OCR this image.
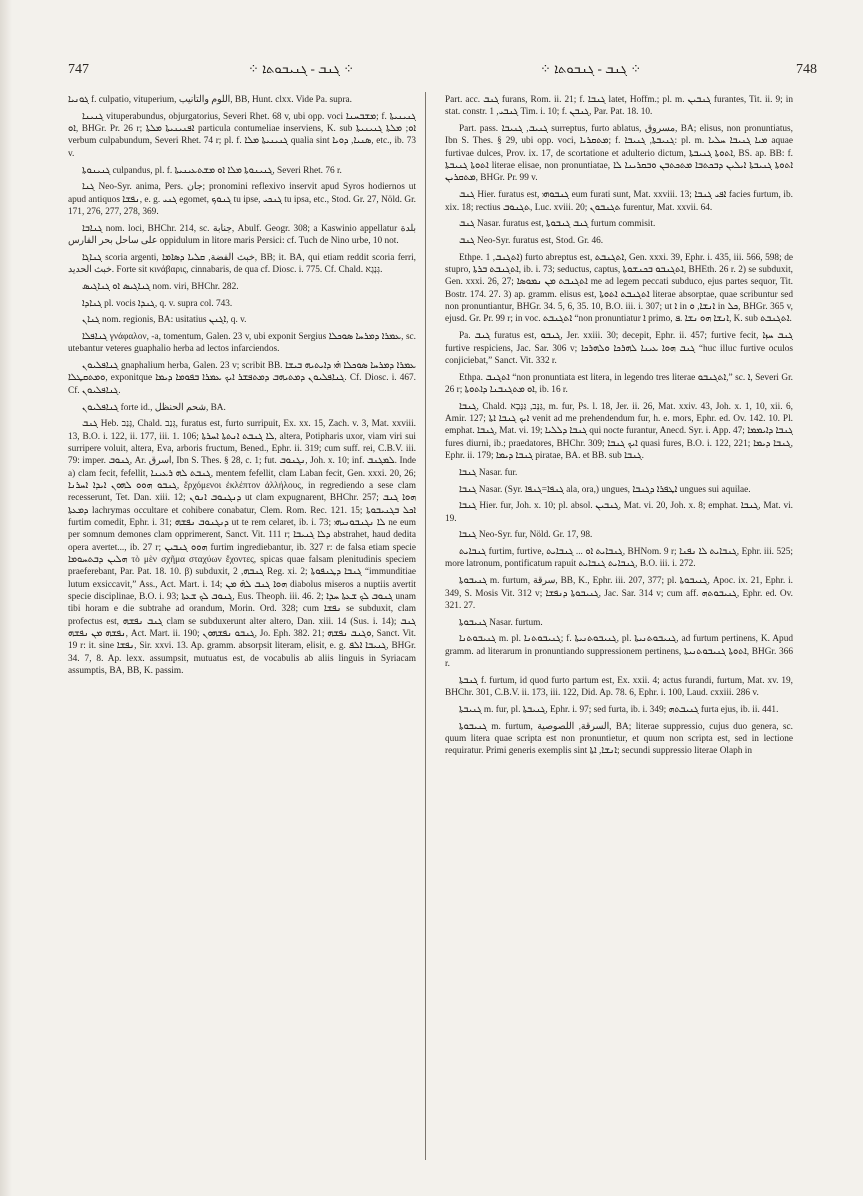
747	⁘ ܓܢܒ - ܓܢܝܒܘܬܐ ⁘	⁘ ܓܢܒ - ܓܢܒܘܬܐ ⁘	748

ܓܘܢܝܐ f. culpatio, vituperium, اللوم والتأنيب, BB, Hunt. clxx. Vide Pa. supra.

ܓܢܝܢܐ vituperabundus, objurgatorius, Severi Rhet. 68 v, ubi opp. voci ܡܫܒܚܢܐ; f. ܓܢܝܢܝܬܐ ܐܘ, BHGr. Pr. 26 r; ܐܦܢܝܢܝܬܐ ܡܠܬܐ particula contumeliae inserviens, K. sub ܐܘ; ܡܠܬܐ ܓܢܝܢܝܬܐ verbum culpabundum, Severi Rhet. 74 r; pl. f. ܓܢܝܢܝܬܐ ܡܠܐ qualia sint ܣܢܝܐ, ܕܘܝܐ, etc., ib. 73 v.

ܓܢܝܢܘܬܐ culpandus, pl. f. ܓܢܝܢܘܬܐ ܡܠܐ ܐܘ ܡܫܬܥܝܢܝܬܐ, Severi Rhet. 76 r.

ܓܢܐ Neo-Syr. anima, Pers. جان; pronomini reflexivo inservit apud Syros hodiernos ut apud antiquos ܢܦܫܐ, e. g. ܓܢܝ egomet, ܓܢܘܟ tu ipse, ܓܢܟܝ tu ipsa, etc., Stod. Gr. 27, Nöld. Gr. 171, 276, 277, 278, 369.

ܓܢܐܒܐ nom. loci, BHChr. 214, sc. جنابة, Abulf. Geogr. 308; a Kaswinio appellatur بلدة على ساحل بحر الفارس oppidulum in litore maris Persici: cf. Tuch de Nino urbe, 10 not.

ܓܢܐܓܐ scoria argenti, خبث الفضة, ܩܠܝܐ ܕܣܐܡܐ, BB; it. BA, qui etiam reddit scoria ferri, خبث الحديد. Forte sit κινάβαρις, cinnabaris, de qua cf. Diosc. i. 775. Cf. Chald. גְּנָגָא.

ܓܢܐܓܝܣ ܐܘ ܓܢܐܓܝܣ nom. viri, BHChr. 282.

ܓܢܐܕܐ pl. vocis ܓܢܕܐ, q. v. supra col. 743.

ܓܢܐܢ nom. regionis, BA: usitatius ܐܓܢܢ, q. v.

ܓܢܐܦܠܐ γνάφαλον, -a, tomentum, Galen. 23 v, ubi exponit Sergius ܥܡܪܐ ܕܡܪܚܐ ܣܘܟܠܐ, sc. utebantur veteres guaphalio herba ad lectos infarciendos.

ܓܢܐܦܠܝܘܢ gnaphalium herba, Galen. 23 v; scribit BB. ܥܡܪܐ ܕܡܪܚܐ ܣܘܟܠܐ ܗ̇ܝ ܕܐܝܬܝܗ ܒܝܫܐ ܘܡܬܩܛܠܐ, exponitque ܓܢܐܦܠܝܘܢ ܕܡܬܝܗܒ ܕܡܬܦܫܪ ܐܝܟ ܥܡܪܐ ܒܦܘܡܐ ܕܝܡܐ. Cf. Diosc. i. 467. Cf. ܓܢܐܦܠܝܘܢ.

ܓܢܐܦܠܝܘܢ forte id., شحم الحنظل, BA.

ܓܢܒ Heb. גָּנַב, Chald. גְּנַב, furatus est, furto surripuit, Ex. xx. 15, Zach. v. 3, Mat. xxviii. 13, B.O. i. 122, ii. 177, iii. 1. 106; ܠܐ ܓܢܒܬ ܐܢܬܬܐ ܐܚܪܬܐ, altera, Potipharis uxor, viam viri sui surripere voluit, altera, Eva, arboris fructum, Bened., Ephr. ii. 319; cum suff. rei, C.B.V. iii. 79: imper. ܓܢܘܒ, Ar. اسرق, Ibn S. Thes. § 28, c. 1; fut. ܢܓܢܘܒ, Joh. x. 10; inf. ܠܡܓܢܒ. Inde a) clam fecit, fefellit, ܓܢܒܬ ܠܗ ܪܥܝܢܐ, mentem fefellit, clam Laban fecit, Gen. xxxi. 20, 26; ܓܢܒܘ ܗܘܘ ܠܗܘܢ ܐܝܕܐ ܐܚܪܢܐ, ἔρχόμενοι ἐκλέπτον ἀλλήλους, in regrediendo a sese clam recesserunt, Tet. Dan. xiii. 12; ܕܢܓܢܘܒ ܐܢܘܢ ut clam expugnarent, BHChr. 257; ܗܘܐ ܓܢܒ ܕܡܥܬܐ lachrymas occultare et cohibere conabatur, Clem. Rom. Rec. 121. 15; ܐܟܠ ܒܓܢܝܒܘܬܐ furtim comedit, Ephr. i. 31; ܕܢܓܢܘܒ ܢܦܫܗ ut te rem celaret, ib. i. 73; ܠܐ ܢܓܢܒܘܢܝܗܝ ne eum per somnum demones clam opprimerent, Sanct. Vit. 111 r; ܕܠܐ ܓܢܝܒܐ abstrahet, haud dedita opera avertet..., ib. 27 r; ܗܘܘ ܓܢܒܝܢ furtim ingrediebantur, ib. 327 r: de falsa etiam specie ܗܠܝܢ ܕܒܬܚܘܡܐ τὸ μὲν σχῆμα σταχύων ἔχοντες, spicas quae falsam plenitudinis speciem praeferebant, Par. Pat. 18. 10. β) subduxit, ܓܢܒܗ, 2 Reg. xi. 2; ܓܢܒܐ ܕܛܢܦܘܬܐ “immunditiae lutum exsiccavit,” Ass., Act. Mart. i. 14; ܗܘܐ ܓܢܒ ܠܗ̇ ܡܢ diabolus miseros a nuptiis avertit specie disciplinae, B.O. i. 93; ܓܢܘܒ ܠܟ ܫܥܬܐ, Eus. Theoph. iii. 46. 2; ܓܢܘܒ ܠܟ ܫܥܬܐ ܚܕܐ unam tibi horam e die subtrahe ad orandum, Morin. Ord. 328; cum ܢܦܫܐ se subduxit, clam profectus est, ܓܢܒ ܢܦܫܗ clam se subduxerunt alter altero, Dan. xiii. 14 (Sus. i. 14); ܓܢܒ ܢܦܫܗ ܡܢ ܢܦܫܗ, Act. Mart. ii. 190; ܓܢܒܘ ܢܦܫܗܘܢ, Jo. Eph. 382. 21; ܘܓܢܒ ܢܦܫܗ, Sanct. Vit. 19 r: it. sine ܢܦܫܐ, Sir. xxvi. 13. Ap. gramm. absorpsit literam, elisit, e. g. ܓܢܝܒܐ ܐܠܦ, BHGr. 34. 7, 8. Ap. lexx. assumpsit, mutuatus est, de vocabulis ab aliis linguis in Syriacam assumptis, BA, BB, K. passim.

Part. acc. ܓܢܒ furans, Rom. ii. 21; f. ܓܢܒܐ latet, Hoffm.; pl. m. ܓܢܒܝܢ furantes, Tit. ii. 9; in stat. constr. ܓܢܒܝ, 1 Tim. i. 10; f. ܓܢܒܢ, Par. Pat. 18. 10.

Part. pass. ܓܢܝܒ, ܓܢܝܒܐ surreptus, furto ablatus, مسروق, BA; elisus, non pronuntiatus, Ibn S. Thes. § 29, ubi opp. voci, ܡܬܩܪܝܐ; f. ܓܢܝܒܬܐ, ܓܢܝܒܐ: pl. m. ܡܝܐ ܓܢܝܒܐ ܚܠܝܐ aquae furtivae dulces, Prov. ix. 17, de scortatione et adulterio dictum, ܐܬܘܬܐ ܓܢܝܒܬܐ, BS. ap. BB: f. ܐܬܘܬܐ ܓܢܝܒܬܐ literae elisae, non pronuntiatae, ܐܬܘܬܐ ܓܢܝܒܬܐ ܐܝܠܝܢ ܕܒܟܬܒܐ ܡܬܟܬܒܢ ܘܒܩܪܝܢܐ ܠܐ ܡܬܩܪܝܢ, BHGr. Pr. 99 v.

ܓܢܒ Hier. furatus est, ܓܢܒܘܗܝ eum furati sunt, Mat. xxviii. 13; ܐܦܝ ܓܢܒܐ facies furtum, ib. xix. 18; rectius ܬܓܢܘܒ, Luc. xviii. 20; ܬܓܢܒܘܢ furentur, Mat. xxvii. 64.

ܓܢܒ Nasar. furatus est, ܓܢܒ ܓܢܒܘܬܐ furtum commisit.

ܓܢܒ Neo-Syr. furatus est, Stod. Gr. 46.

Ethpe. ܐܬܓܢܒ, 1) furto abreptus est, ܐܬܓܢܒܬ, Gen. xxxi. 39, Ephr. i. 435, iii. 566, 598; de stupro, ܐܬܓܢܒܬ ܒܪܬܐ, ib. i. 73; seductus, captus, ܐܬܓܢܒܘ ܒܟܢܫܘܬܐ, BHEth. 26 r. 2) se subduxit, Gen. xxxi. 26, 27; ܐܬܓܢܒܬ ܡܢ ܢܡܘܣܐ me ad legem peccati subduco, ejus partes sequor, Tit. Bostr. 174. 27. 3) ap. gramm. elisus est, ܐܬܓܢܒܬ ܐܬܘܬܐ literae absorptae, quae scribuntur sed non pronuntiantur, BHGr. 34. 5, 6, 35. 10, B.O. iii. i. 307; ut ܐ in ܐܢܫܐ, ܘ in ܟܠ, BHGr. 365 v, ejusd. Gr. Pr. 99 r; in voc. ܐܬܓܢܒܬ “non pronuntiatur ܐ primo, ܐܢܫܐ ܗܘ ܢܫܐ .ܦ, K. sub ܐܬܓܢܒܬ.

Pa. ܓܢܒ furatus est, ܓܢܒܘ, Jer. xxiii. 30; decepit, Ephr. ii. 457; furtive fecit, ܓܢܒ ܚܙܐ furtive respiciens, Jac. Sar. 306 v; ܓܢܒ ܗܘܐ ܥܝܢܐ ܠܗܪܟܐ ܘܠܗܪܟܐ “huc illuc furtive oculos conjiciebat,” Sanct. Vit. 332 r.

Ethpa. ܐܬܓܢܒ “non pronuntiata est litera, in legendo tres literae ܐܬܓܢܒܘ,” sc. ܐ, Severi Gr. 26 r; ܐܘ ܡܬܓܢܒܢܐ ܕܐܬܘܬܐ, ib. 16 r.

ܓܢܒܐ, Chald. גַּנָּב, גַּנָּבָא, m. fur, Ps. l. 18, Jer. ii. 26, Mat. xxiv. 43, Joh. x. 1, 10, xii. 6, Amir. 127; ܐܝܟ ܓܢܒܐ ܐܬܐ venit ad me prehendendum fur, h. e. mors, Ephr. ed. Ov. 142. 10. Pl. emphat. ܓܢܒܐ, Mat. vi. 19; ܓܢܒܐ ܕܠܠܝܐ qui nocte furantur, Anecd. Syr. i. App. 47; ܓܢܒܐ ܕܐܝܡܡܐ fures diurni, ib.; praedatores, BHChr. 309; ܐܝܟ ܓܢܒܐ quasi fures, B.O. i. 122, 221; ܓܢܒܐ ܕܝܡܐ, Ephr. ii. 179; ܓܢܒܐ ܕܝܡܐ piratae, BA. et BB. sub ܓܢܒܐ.

ܓܢܒܐ Nasar. fur.

ܓܢܒܐ Nasar. (Syr. ܓܢܦܐ=ܓܢܦܐ ala, ora,) ungues, ܐܛܦܪܐ ܕܓܢܒܐ ungues sui aquilae.

ܓܢܒܐ Hier. fur, Joh. x. 10; pl. absol. ܓܢܒܝܢ, Mat. vi. 20, Joh. x. 8; emphat. ܓܢܒܐ, Mat. vi. 19.

ܓܢܒܐ Neo-Syr. fur, Nöld. Gr. 17, 98.

ܓܢܒܐܝܬ furtim, furtive, ܓܢܒܐܝܬ ܐܘ ... ܓܢܒܐܝܬ, BHNom. 9 r; ܓܢܒܐܝܬ ܠܐ ܢܦܢܐ, Ephr. iii. 525; more latronum, pontificatum rapuit ܓܢܒܐܝܬ ܓܢܒܐܝܬ, B.O. iii. i. 272.

ܓܢܝܒܘܬܐ m. furtum, سرقة, BB, K., Ephr. iii. 207, 377; pl. ܓܢܝܒܘܬܐ, Apoc. ix. 21, Ephr. i. 349, S. Mosis Vit. 312 v; ܓܢܝܒܘܬܐ ܕܢܦܫܐ, Jac. Sar. 314 v; cum aff. ܓܢܝܒܘܬܗ, Ephr. ed. Ov. 321. 27.

ܓܢܝܒܘܬܐ Nasar. furtum.

ܓܢܝܒܘܬܢܐ m. pl. ܓܢܝܒܘܬܢܐ; f. ܓܢܝܒܘܬܢܝܬܐ, pl. ܓܢܝܒܘܬܢܝܬܐ, ad furtum pertinens, K. Apud gramm. ad literarum in pronuntiando suppressionem pertinens, ܐܬܘܬܐ ܓܢܝܒܘܬܢܝܬܐ, BHGr. 366 r.

ܓܢܒܬܐ f. furtum, id quod furto partum est, Ex. xxii. 4; actus furandi, furtum, Mat. xv. 19, BHChr. 301, C.B.V. ii. 173, iii. 122, Did. Ap. 78. 6, Ephr. i. 100, Laud. cxxiii. 286 v.

ܓܢܝܒܬܐ m. fur, pl. ܓܢܝܒܬܐ, Ephr. i. 97; sed furta, ib. i. 349; ܓܢܝܒܬܗ furta ejus, ib. ii. 441.

ܓܢܝܒܘܬܐ m. furtum, السرقة, اللصوصية, BA; literae suppressio, cujus duo genera, sc. quum litera quae scripta est non pronuntietur, et quum non scripta est, sed in lectione requiratur. Primi generis exemplis sint ܐܢܫܐ, ܐܬܐ; secundi suppressio literae Olaph in
